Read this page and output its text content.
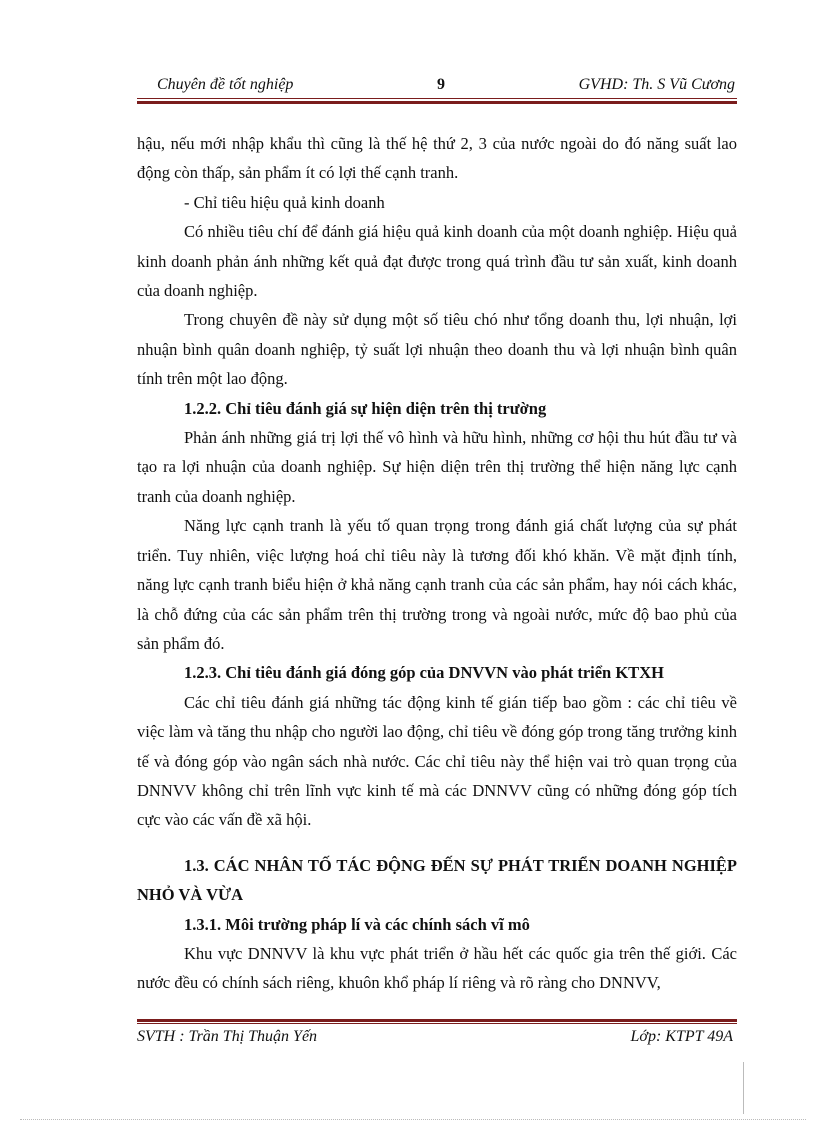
Chuyên đề tốt nghiệp	9	GVHD: Th. S Vũ Cương

hậu, nếu mới nhập khẩu thì cũng là thế hệ thứ 2, 3 của nước ngoài do đó năng suất lao động còn thấp, sản phẩm ít có lợi thế cạnh tranh.

- Chỉ tiêu hiệu quả kinh doanh

Có nhiều tiêu chí để đánh giá hiệu quả kinh doanh của một doanh nghiệp. Hiệu quả kinh doanh phản ánh những kết quả đạt được trong quá trình đầu tư sản xuất, kinh doanh của doanh nghiệp.

Trong chuyên đề này sử dụng một số tiêu chó như tổng doanh thu, lợi nhuận, lợi nhuận bình quân doanh nghiệp, tỷ suất lợi nhuận theo doanh thu và lợi nhuận bình quân tính trên một lao động.

1.2.2. Chỉ tiêu đánh giá sự hiện diện trên thị trường

Phản ánh những giá trị lợi thế vô hình và hữu hình, những cơ hội thu hút đầu tư và tạo ra lợi nhuận của doanh nghiệp. Sự hiện diện trên thị trường thể hiện năng lực cạnh tranh của doanh nghiệp.

Năng lực cạnh tranh là yếu tố quan trọng trong đánh giá chất lượng của sự phát triển. Tuy nhiên, việc lượng hoá chỉ tiêu này là tương đối khó khăn. Về mặt định tính, năng lực cạnh tranh biểu hiện ở khả năng cạnh tranh của các sản phẩm, hay nói cách khác, là chỗ đứng của các sản phẩm trên thị trường trong và ngoài nước, mức độ bao phủ của sản phẩm đó.

1.2.3. Chỉ tiêu đánh giá đóng góp của DNVVN vào phát triển KTXH

Các chỉ tiêu đánh giá những tác động kinh tế gián tiếp bao gồm : các chỉ tiêu về việc làm và tăng thu nhập cho người lao động, chỉ tiêu về đóng góp trong tăng trưởng kinh tế và đóng góp vào ngân sách nhà nước. Các chỉ tiêu này thể hiện vai trò quan trọng của DNNVV không chỉ trên lĩnh vực kinh tế mà các DNNVV cũng có những đóng góp tích cực vào các vấn đề xã hội.

1.3. CÁC NHÂN TỐ TÁC ĐỘNG ĐẾN SỰ PHÁT TRIỂN DOANH NGHIỆP NHỎ VÀ VỪA

1.3.1. Môi trường pháp lí và các chính sách vĩ mô

Khu vực DNNVV là khu vực phát triển ở hầu hết các quốc gia trên thế giới. Các nước đều có chính sách riêng, khuôn khổ pháp lí riêng và rõ ràng cho DNNVV,

SVTH : Trần Thị Thuận Yến	Lớp: KTPT 49A
